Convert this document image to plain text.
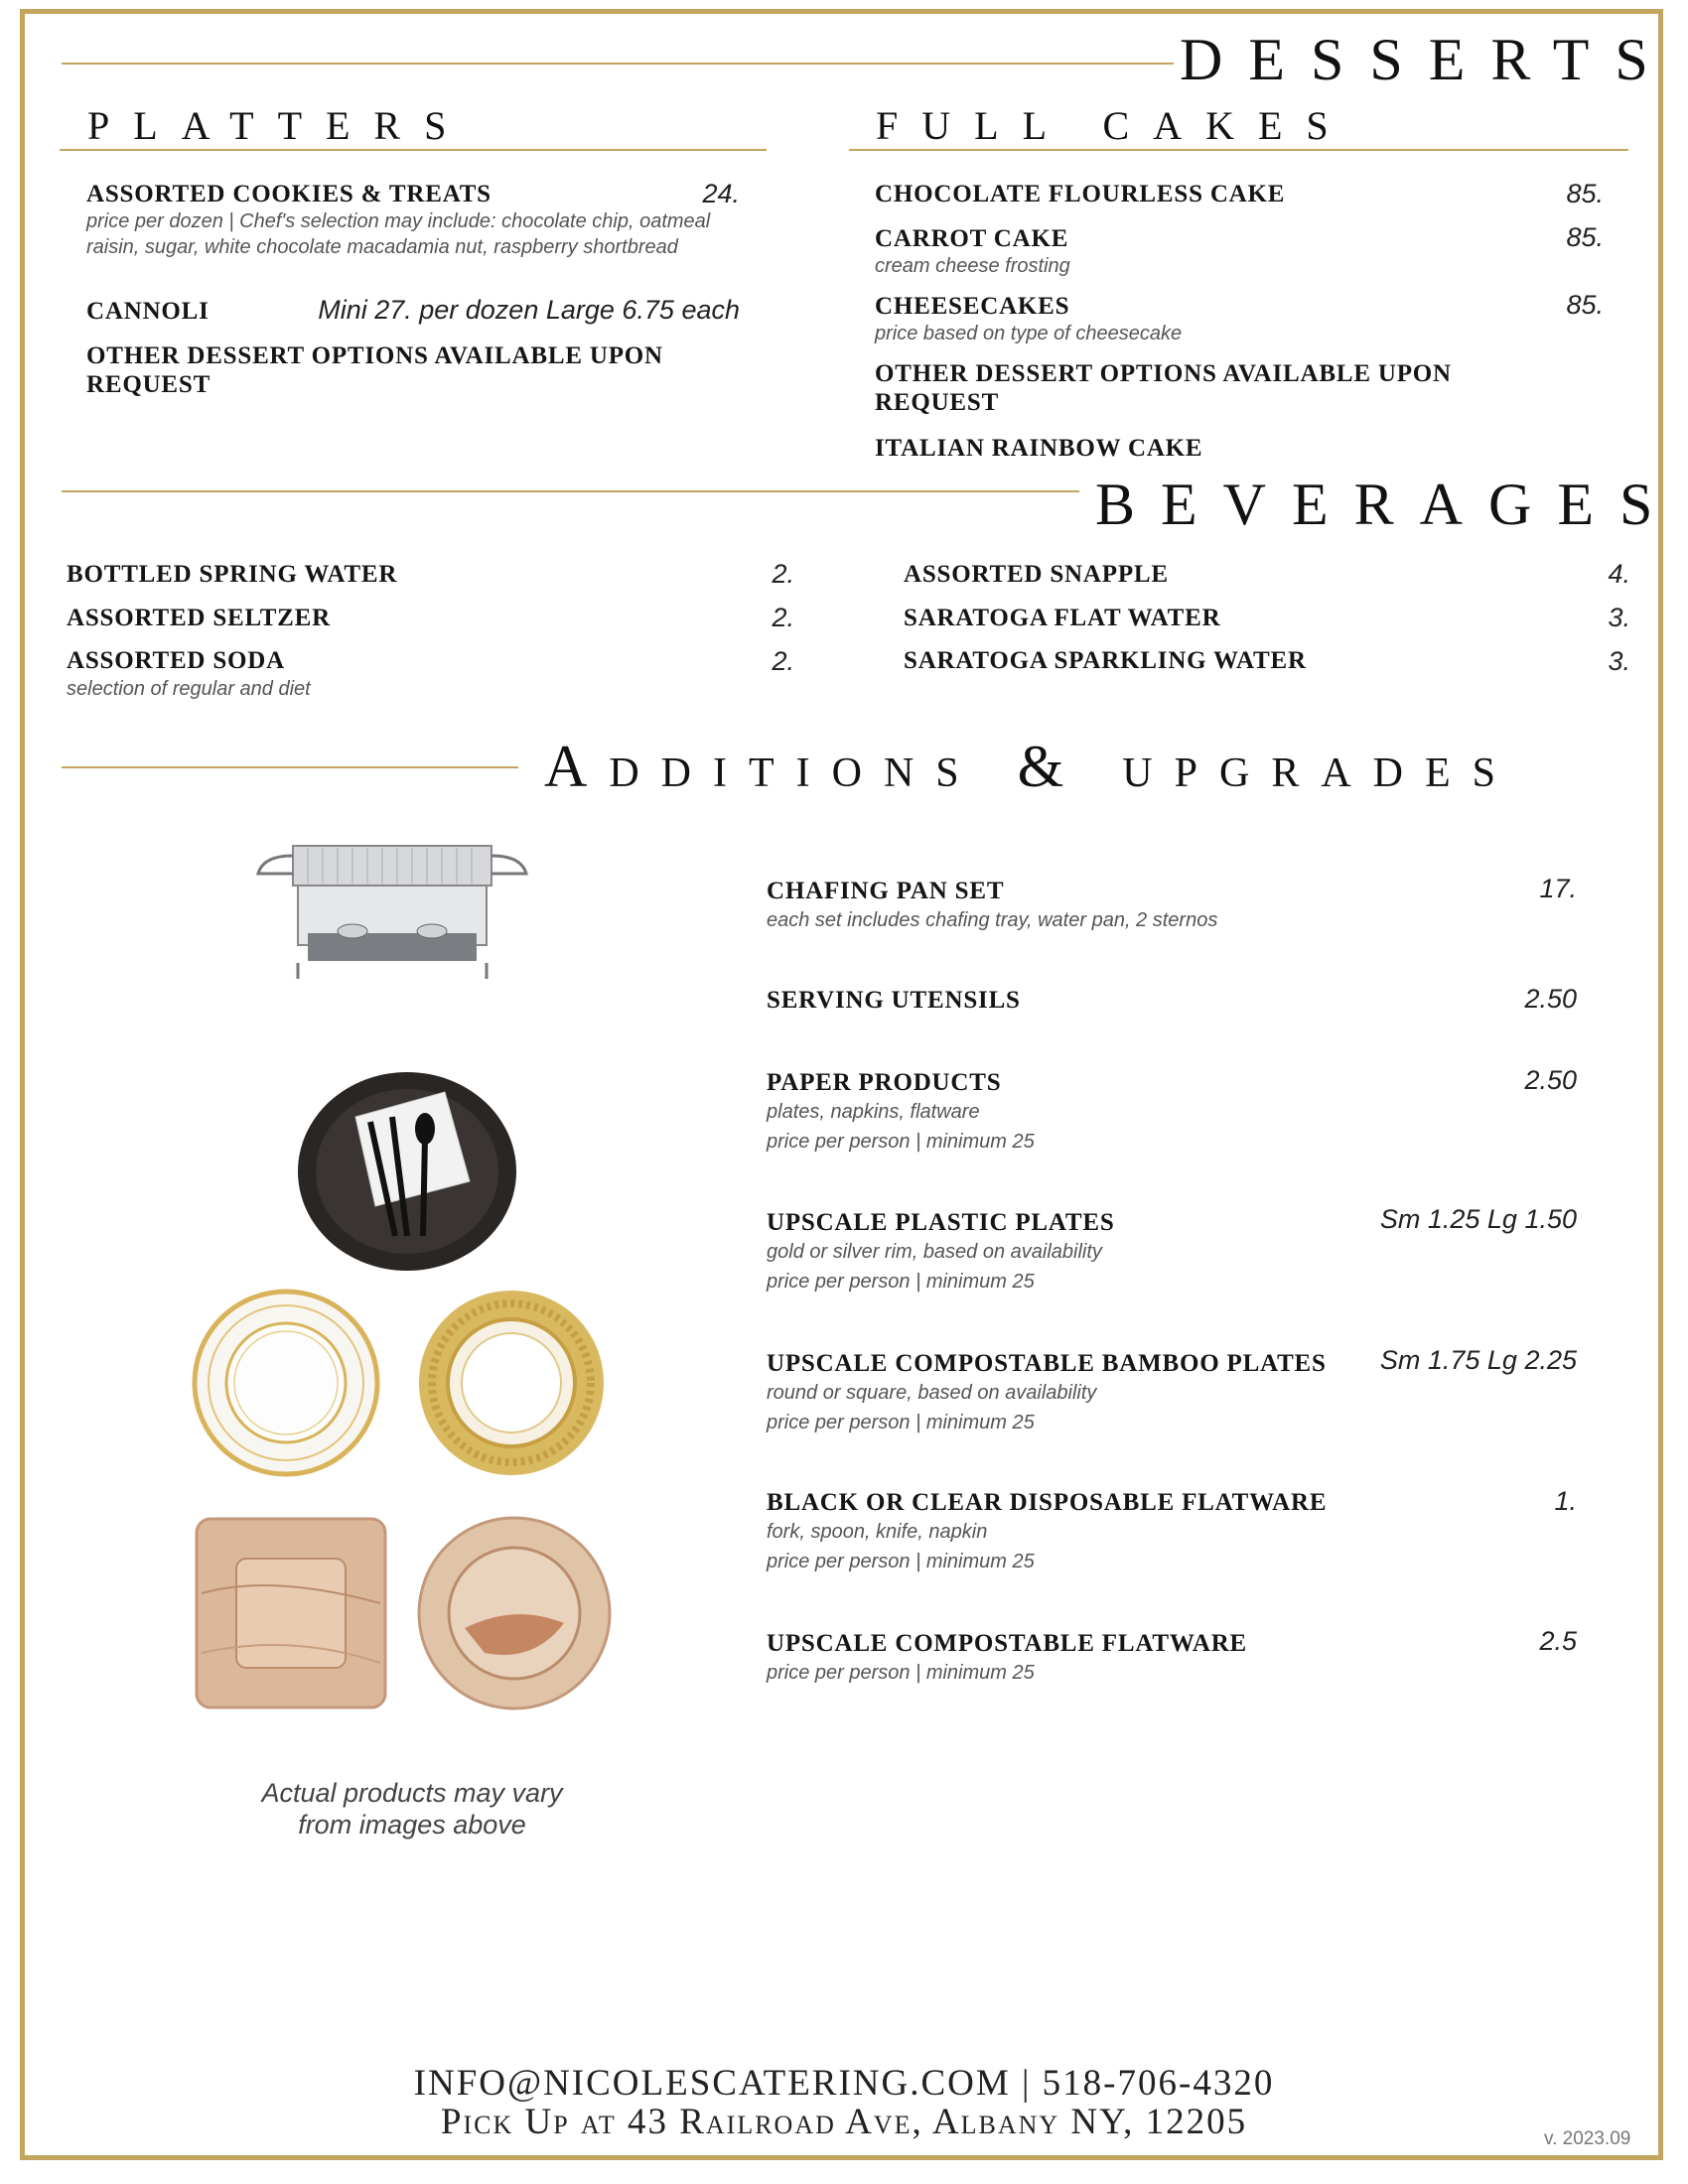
DESSERTS
PLATTERS
ASSORTED COOKIES & TREATS	24.
price per dozen | Chef's selection may include: chocolate chip, oatmeal raisin, sugar, white chocolate macadamia nut, raspberry shortbread
CANNOLI	Mini 27. per dozen Large 6.75 each
OTHER DESSERT OPTIONS AVAILABLE UPON REQUEST
FULL CAKES
CHOCOLATE FLOURLESS CAKE	85.
CARROT CAKE	85.
cream cheese frosting
CHEESECAKES	85.
price based on type of cheesecake
OTHER DESSERT OPTIONS AVAILABLE UPON REQUEST
ITALIAN RAINBOW CAKE
BEVERAGES
BOTTLED SPRING WATER	2.
ASSORTED SELTZER	2.
ASSORTED SODA	2.
selection of regular and diet
ASSORTED SNAPPLE	4.
SARATOGA FLAT WATER	3.
SARATOGA SPARKLING WATER	3.
Additions & upgrades
Actual products may vary
from images above
CHAFING PAN SET	17.
each set includes chafing tray, water pan, 2 sternos
SERVING UTENSILS	2.50
PAPER PRODUCTS	2.50
plates, napkins, flatware
price per person | minimum 25
UPSCALE PLASTIC PLATES	Sm 1.25 Lg 1.50
gold or silver rim, based on availability
price per person | minimum 25
UPSCALE COMPOSTABLE BAMBOO PLATES	Sm 1.75 Lg 2.25
round or square, based on availability
price per person | minimum 25
BLACK OR CLEAR DISPOSABLE FLATWARE	1.
fork, spoon, knife, napkin
price per person | minimum 25
UPSCALE COMPOSTABLE FLATWARE	2.5
price per person | minimum 25
INFO@NICOLESCATERING.COM | 518-706-4320
Pick Up at 43 Railroad Ave, Albany NY, 12205	v. 2023.09
